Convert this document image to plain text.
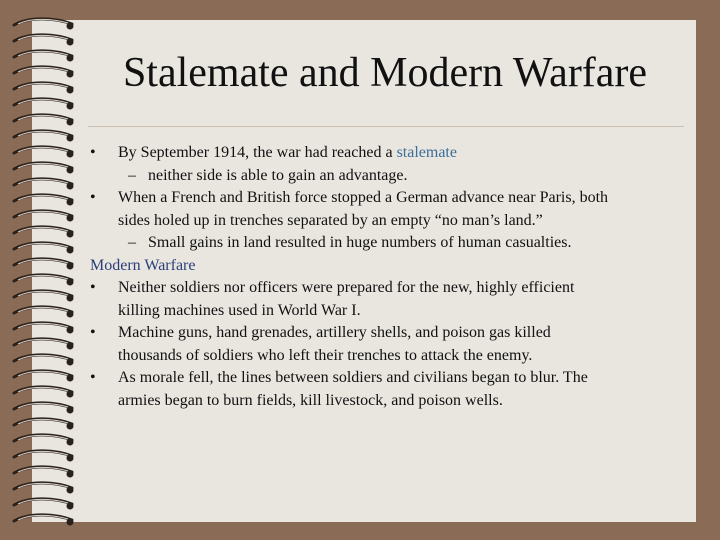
Stalemate and Modern Warfare
•	By September 1914, the war had reached a stalemate
– neither side is able to gain an advantage.
•	When a French and British force stopped a German advance near Paris, both
sides holed up in trenches separated by an empty “no man’s land.”
– Small gains in land resulted in huge numbers of human casualties.
Modern Warfare
•	Neither soldiers nor officers were prepared for the new, highly efficient
killing machines used in World War I.
•	Machine guns, hand grenades, artillery shells, and poison gas killed
thousands of soldiers who left their trenches to attack the enemy.
•	As morale fell, the lines between soldiers and civilians began to blur. The
armies began to burn fields, kill livestock, and poison wells.
